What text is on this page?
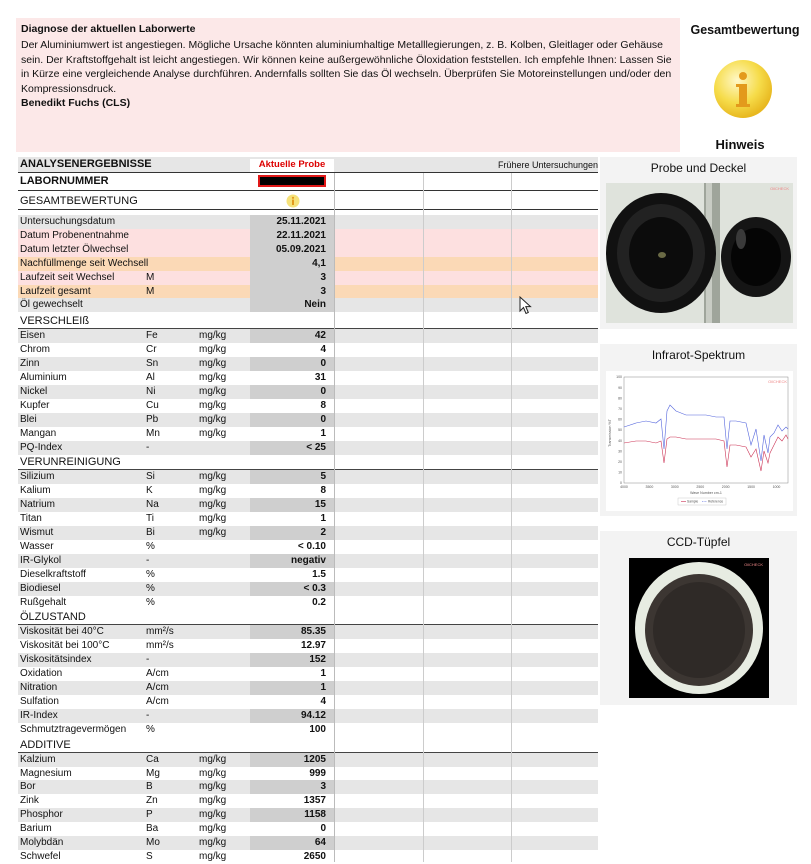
Diagnose der aktuellen Laborwerte
Der Aluminiumwert ist angestiegen. Mögliche Ursache könnten aluminiumhaltige Metalllegierungen, z. B. Kolben, Gleitlager oder Gehäuse sein. Der Kraftstoffgehalt ist leicht angestiegen. Wir können keine außergewöhnliche Öloxidation feststellen. Ich empfehle Ihnen: Lassen Sie in Kürze eine vergleichende Analyse durchführen. Andernfalls sollten Sie das Öl wechseln. Überprüfen Sie Motoreinstellungen und/oder den Kompressionsdruck.
Benedikt Fuchs (CLS)
Gesamtbewertung
Hinweis
ANALYSENERGEBNISSE	Aktuelle Probe	Frühere Untersuchungen
LABORNUMMER
GESAMTBEWERTUNG
Untersuchungsdatum	25.11.2021
Datum Probenentnahme	22.11.2021
Datum letzter Ölwechsel	05.09.2021
Nachfüllmenge seit Wechsel l	4,1
Laufzeit seit Wechsel	M	3
Laufzeit gesamt	M	3
Öl gewechselt	Nein
VERSCHLEIß
Eisen	Fe	mg/kg	42
Chrom	Cr	mg/kg	4
Zinn	Sn	mg/kg	0
Aluminium	Al	mg/kg	31
Nickel	Ni	mg/kg	0
Kupfer	Cu	mg/kg	8
Blei	Pb	mg/kg	0
Mangan	Mn	mg/kg	1
PQ-Index	-	< 25
VERUNREINIGUNG
Silizium	Si	mg/kg	5
Kalium	K	mg/kg	8
Natrium	Na	mg/kg	15
Titan	Ti	mg/kg	1
Wismut	Bi	mg/kg	2
Wasser	%	< 0.10
IR-Glykol	-	negativ
Dieselkraftstoff	%	1.5
Biodiesel	%	< 0.3
Rußgehalt	%	0.2
ÖLZUSTAND
Viskosität bei 40°C	mm²/s	85.35
Viskosität bei 100°C	mm²/s	12.97
Viskositätsindex	-	152
Oxidation	A/cm	1
Nitration	A/cm	1
Sulfation	A/cm	4
IR-Index	-	94.12
Schmutztragevermögen %	100
ADDITIVE
Kalzium	Ca	mg/kg	1205
Magnesium	Mg	mg/kg	999
Bor	B	mg/kg	3
Zink	Zn	mg/kg	1357
Phosphor	P	mg/kg	1158
Barium	Ba	mg/kg	0
Molybdän	Mo	mg/kg	64
Schwefel	S	mg/kg	2650
Probe und Deckel
OilCHECK
Infrarot-Spektrum
OilCHECK
100
90
80
70
60
50
40
30
20
10
0
4000	3500	3000	2500	2000	1500	1000
Transmission %T
Wave Number cm-1
Sample	Reference
CCD-Tüpfel
OilCHECK
